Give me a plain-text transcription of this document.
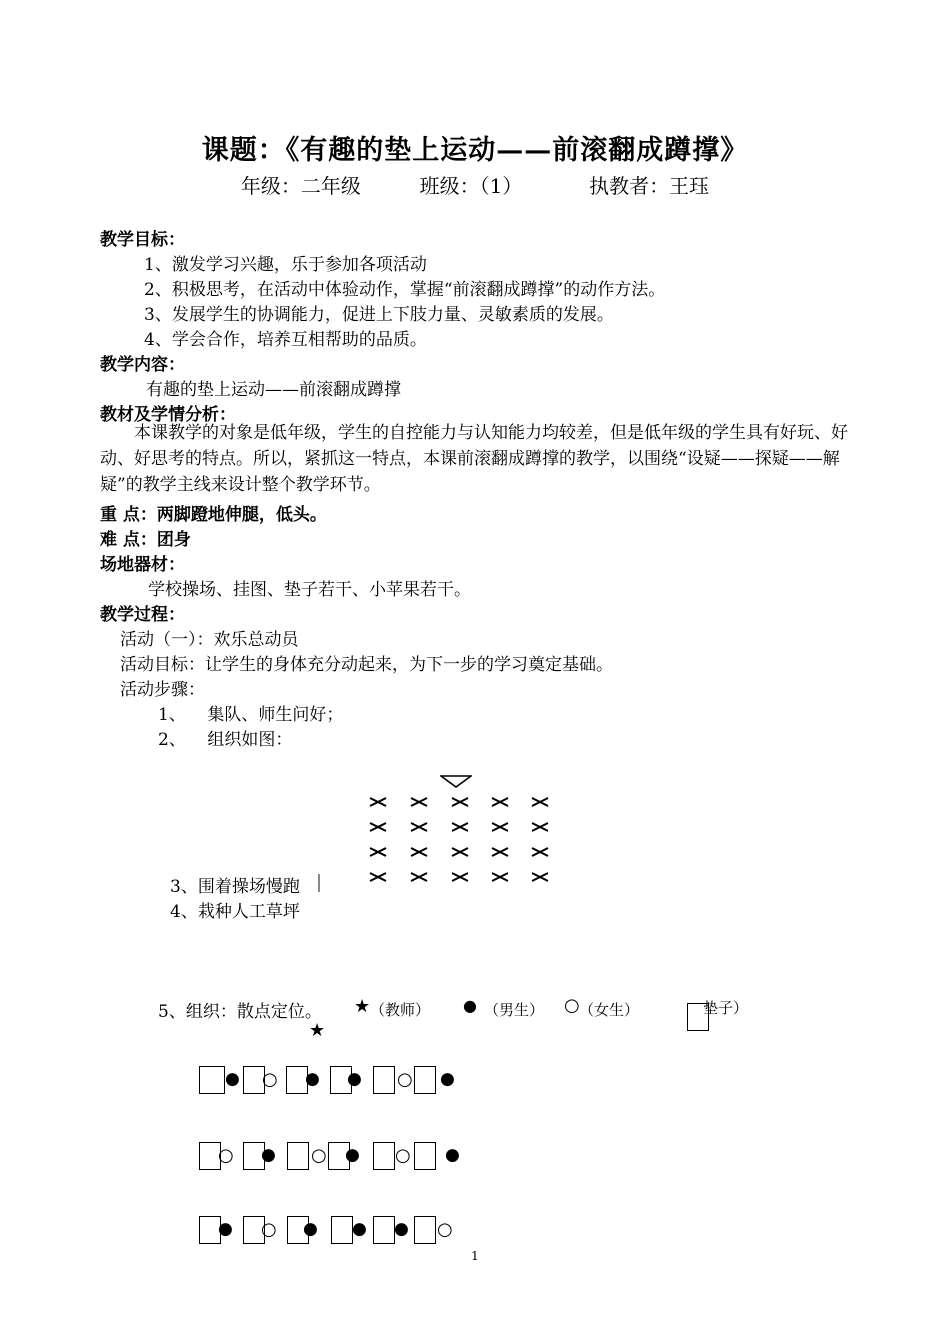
课题：《有趣的垫上运动——前滚翻成蹲撑》
年级：二年级	班级：（1）	执教者：王珏
教学目标：
1、激发学习兴趣，乐于参加各项活动
2、积极思考，在活动中体验动作，掌握“前滚翻成蹲撑”的动作方法。
3、发展学生的协调能力，促进上下肢力量、灵敏素质的发展。
4、学会合作，培养互相帮助的品质。
教学内容：
有趣的垫上运动——前滚翻成蹲撑
教材及学情分析：
本课教学的对象是低年级，学生的自控能力与认知能力均较差，但是低年级的学生具有好玩、好动、好思考的特点。所以，紧抓这一特点，本课前滚翻成蹲撑的教学，以围绕“设疑——探疑——解疑”的教学主线来设计整个教学环节。
重 点：两脚蹬地伸腿，低头。
难 点：团身
场地器材：
学校操场、挂图、垫子若干、小苹果若干。
教学过程：
活动（一）：欢乐总动员
活动目标：让学生的身体充分动起来，为下一步的学习奠定基础。
活动步骤：
1、    集队、师生问好；
2、    组织如图：
3、围着操场慢跑
4、栽种人工草坪
5、组织：散点定位。 ★ （教师） ● （男生） ○ （女生）	垫子）
★
● ○ ● ● ○ ●
○ ● ○ ● ○ ●
● ○ ● ● ● ○
1
